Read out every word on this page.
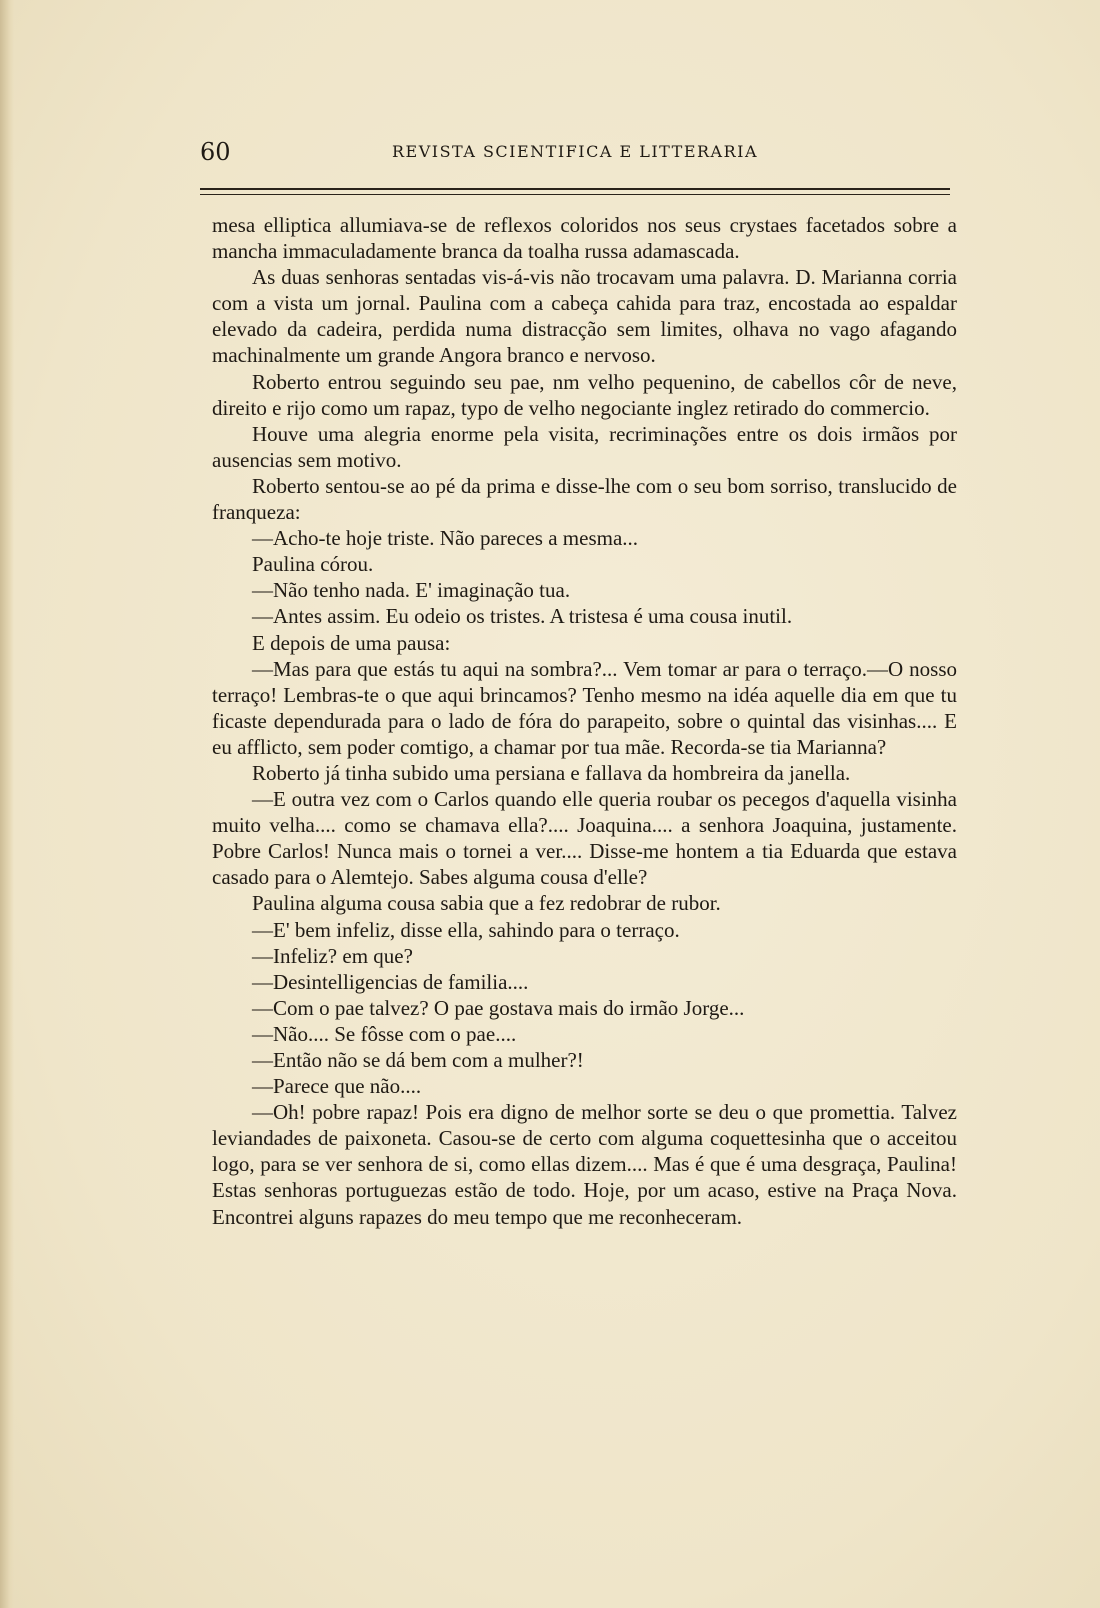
60	REVISTA SCIENTIFICA E LITTERARIA

mesa elliptica allumiava-se de reflexos coloridos nos seus crystaes facetados sobre a mancha immaculadamente branca da toalha russa adamascada.

As duas senhoras sentadas vis-á-vis não trocavam uma palavra. D. Marianna corria com a vista um jornal. Paulina com a cabeça cahida para traz, encostada ao espaldar elevado da cadeira, perdida numa distracção sem limites, olhava no vago afagando machinalmente um grande Angora branco e nervoso.

Roberto entrou seguindo seu pae, nm velho pequenino, de cabellos côr de neve, direito e rijo como um rapaz, typo de velho negociante inglez retirado do commercio.

Houve uma alegria enorme pela visita, recriminações entre os dois irmãos por ausencias sem motivo.

Roberto sentou-se ao pé da prima e disse-lhe com o seu bom sorriso, translucido de franqueza:

—Acho-te hoje triste. Não pareces a mesma...

Paulina córou.

—Não tenho nada. E' imaginação tua.

—Antes assim. Eu odeio os tristes. A tristesa é uma cousa inutil.

E depois de uma pausa:

—Mas para que estás tu aqui na sombra?... Vem tomar ar para o terraço.—O nosso terraço! Lembras-te o que aqui brincamos? Tenho mesmo na idéa aquelle dia em que tu ficaste dependurada para o lado de fóra do parapeito, sobre o quintal das visinhas.... E eu afflicto, sem poder comtigo, a chamar por tua mãe. Recorda-se tia Marianna?

Roberto já tinha subido uma persiana e fallava da hombreira da janella.

—E outra vez com o Carlos quando elle queria roubar os pecegos d'aquella visinha muito velha.... como se chamava ella?.... Joaquina.... a senhora Joaquina, justamente. Pobre Carlos! Nunca mais o tornei a ver.... Disse-me hontem a tia Eduarda que estava casado para o Alemtejo. Sabes alguma cousa d'elle?

Paulina alguma cousa sabia que a fez redobrar de rubor.

—E' bem infeliz, disse ella, sahindo para o terraço.

—Infeliz? em que?

—Desintelligencias de familia....

—Com o pae talvez? O pae gostava mais do irmão Jorge...

—Não.... Se fôsse com o pae....

—Então não se dá bem com a mulher?!

—Parece que não....

—Oh! pobre rapaz! Pois era digno de melhor sorte se deu o que promettia. Talvez leviandades de paixoneta. Casou-se de certo com alguma coquettesinha que o acceitou logo, para se ver senhora de si, como ellas dizem.... Mas é que é uma desgraça, Paulina! Estas senhoras portuguezas estão de todo. Hoje, por um acaso, estive na Praça Nova. Encontrei alguns rapazes do meu tempo que me reconheceram.
